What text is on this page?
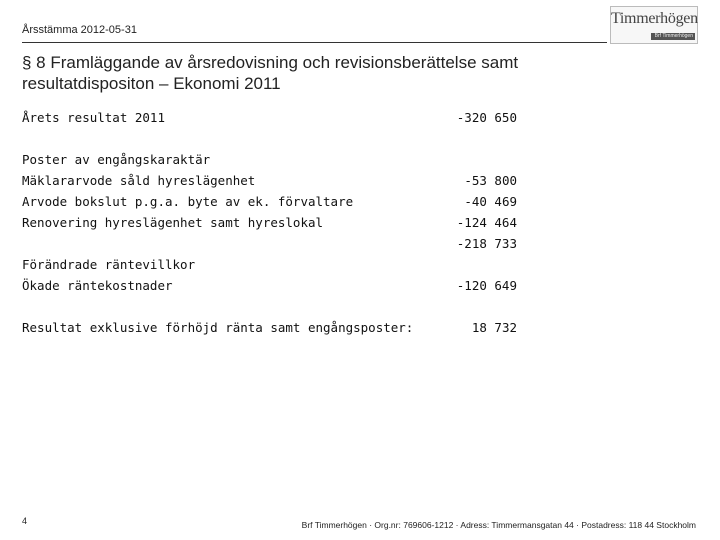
Årsstämma 2012-05-31
Timmerhögen
Brf Timmerhögen
§ 8 Framläggande av årsredovisning och revisionsberättelse samt resultatdispositon – Ekonomi 2011
Årets resultat 2011	-320 650
Poster av engångskaraktär
Mäklararvode såld hyreslägenhet	-53 800
Arvode bokslut p.g.a. byte av ek. förvaltare	-40 469
Renovering hyreslägenhet samt hyreslokal	-124 464
-218 733
Förändrade räntevillkor
Ökade räntekostnader	-120 649
Resultat exklusive förhöjd ränta samt engångsposter:	18 732
4	Brf Timmerhögen · Org.nr: 769606-1212 · Adress: Timmermansgatan 44 · Postadress: 118 44 Stockholm
